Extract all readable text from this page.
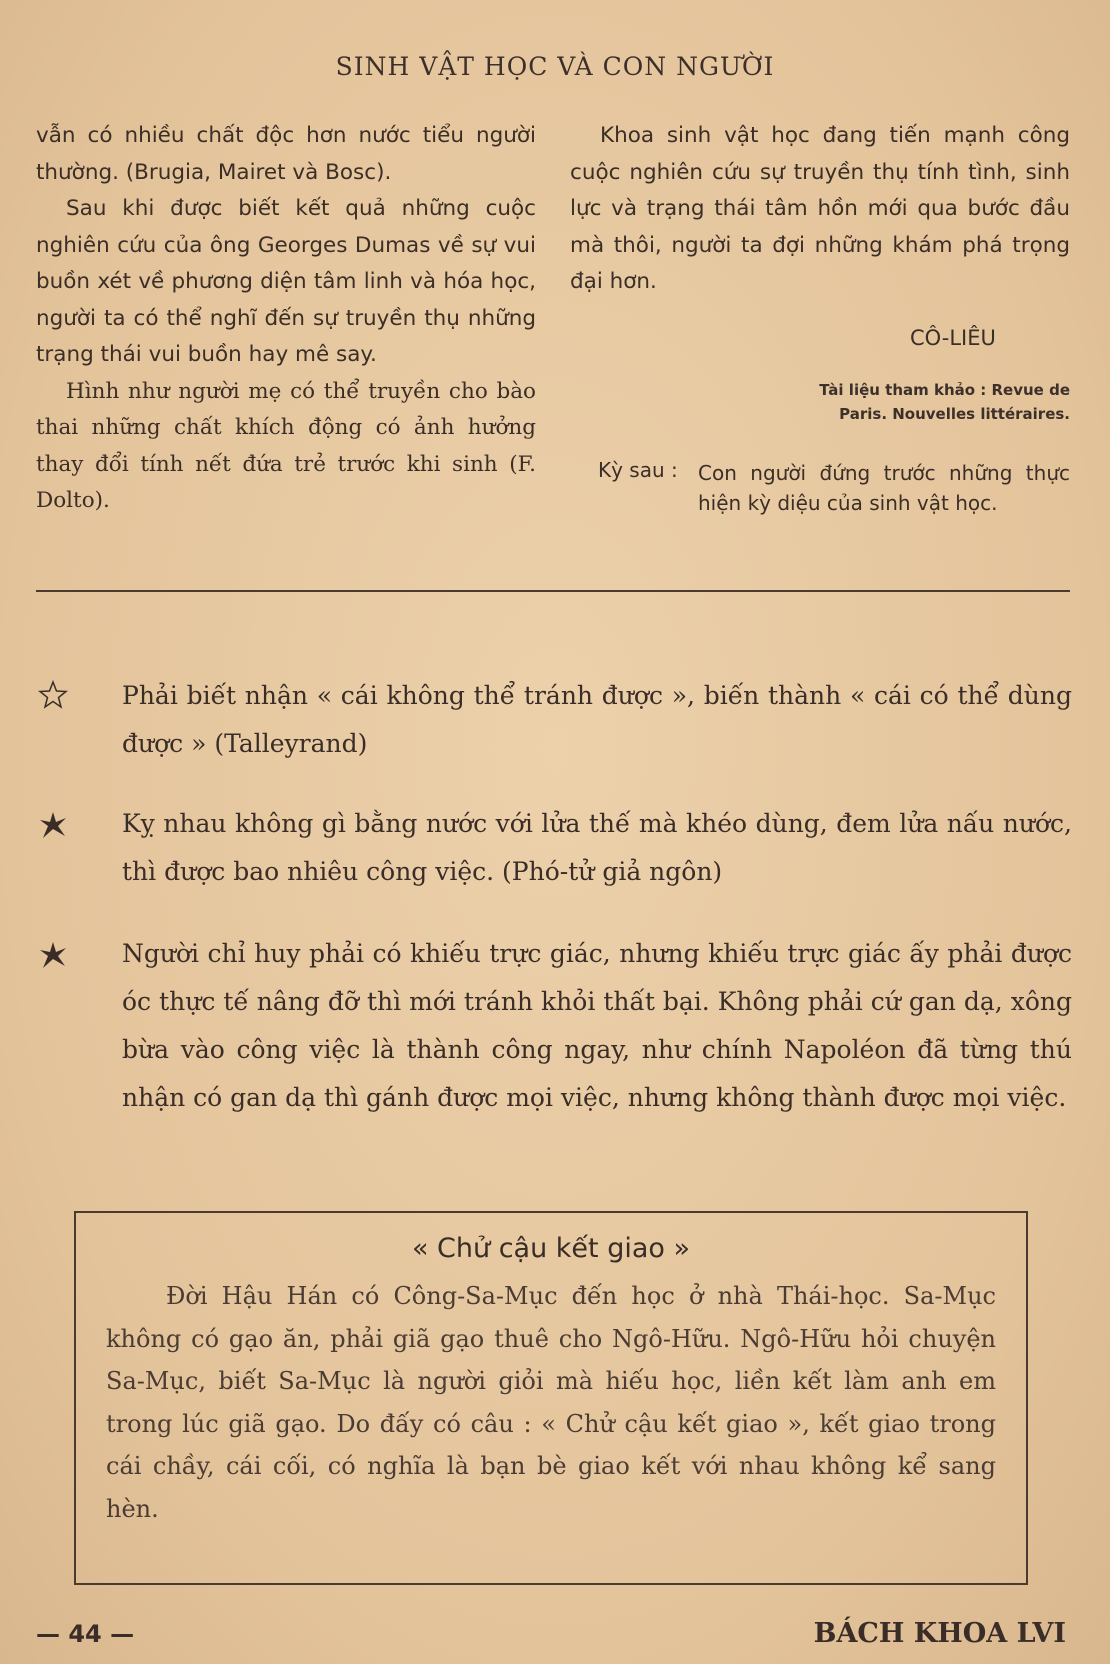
SINH VẬT HỌC VÀ CON NGƯỜI

vẫn có nhiều chất độc hơn nước tiểu người thường. (Brugia, Mairet và Bosc).

Sau khi được biết kết quả những cuộc nghiên cứu của ông Georges Dumas về sự vui buồn xét về phương diện tâm linh và hóa học, người ta có thể nghĩ đến sự truyền thụ những trạng thái vui buồn hay mê say.

Hình như người mẹ có thể truyền cho bào thai những chất khích động có ảnh hưởng thay đổi tính nết đứa trẻ trước khi sinh (F. Dolto).

Khoa sinh vật học đang tiến mạnh công cuộc nghiên cứu sự truyền thụ tính tình, sinh lực và trạng thái tâm hồn mới qua bước đầu mà thôi, người ta đợi những khám phá trọng đại hơn.

CÔ-LIÊU
Tài liệu tham khảo : Revue de Paris. Nouvelles littéraires.
Kỳ sau : Con người đứng trước những thực hiện kỳ diệu của sinh vật học.

Phải biết nhận « cái không thể tránh được », biến thành « cái có thể dùng được » (Talleyrand)

Kỵ nhau không gì bằng nước với lửa thế mà khéo dùng, đem lửa nấu nước, thì được bao nhiêu công việc. (Phó-tử giả ngôn)

Người chỉ huy phải có khiếu trực giác, nhưng khiếu trực giác ấy phải được óc thực tế nâng đỡ thì mới tránh khỏi thất bại. Không phải cứ gan dạ, xông bừa vào công việc là thành công ngay, như chính Napoléon đã từng thú nhận có gan dạ thì gánh được mọi việc, nhưng không thành được mọi việc.

« Chử cậu kết giao »

Đời Hậu Hán có Công-Sa-Mục đến học ở nhà Thái-học. Sa-Mục không có gạo ăn, phải giã gạo thuê cho Ngô-Hữu. Ngô-Hữu hỏi chuyện Sa-Mục, biết Sa-Mục là người giỏi mà hiếu học, liền kết làm anh em trong lúc giã gạo. Do đấy có câu : « Chử cậu kết giao », kết giao trong cái chầy, cái cối, có nghĩa là bạn bè giao kết với nhau không kể sang hèn.

— 44 —	BÁCH KHOA LVI
